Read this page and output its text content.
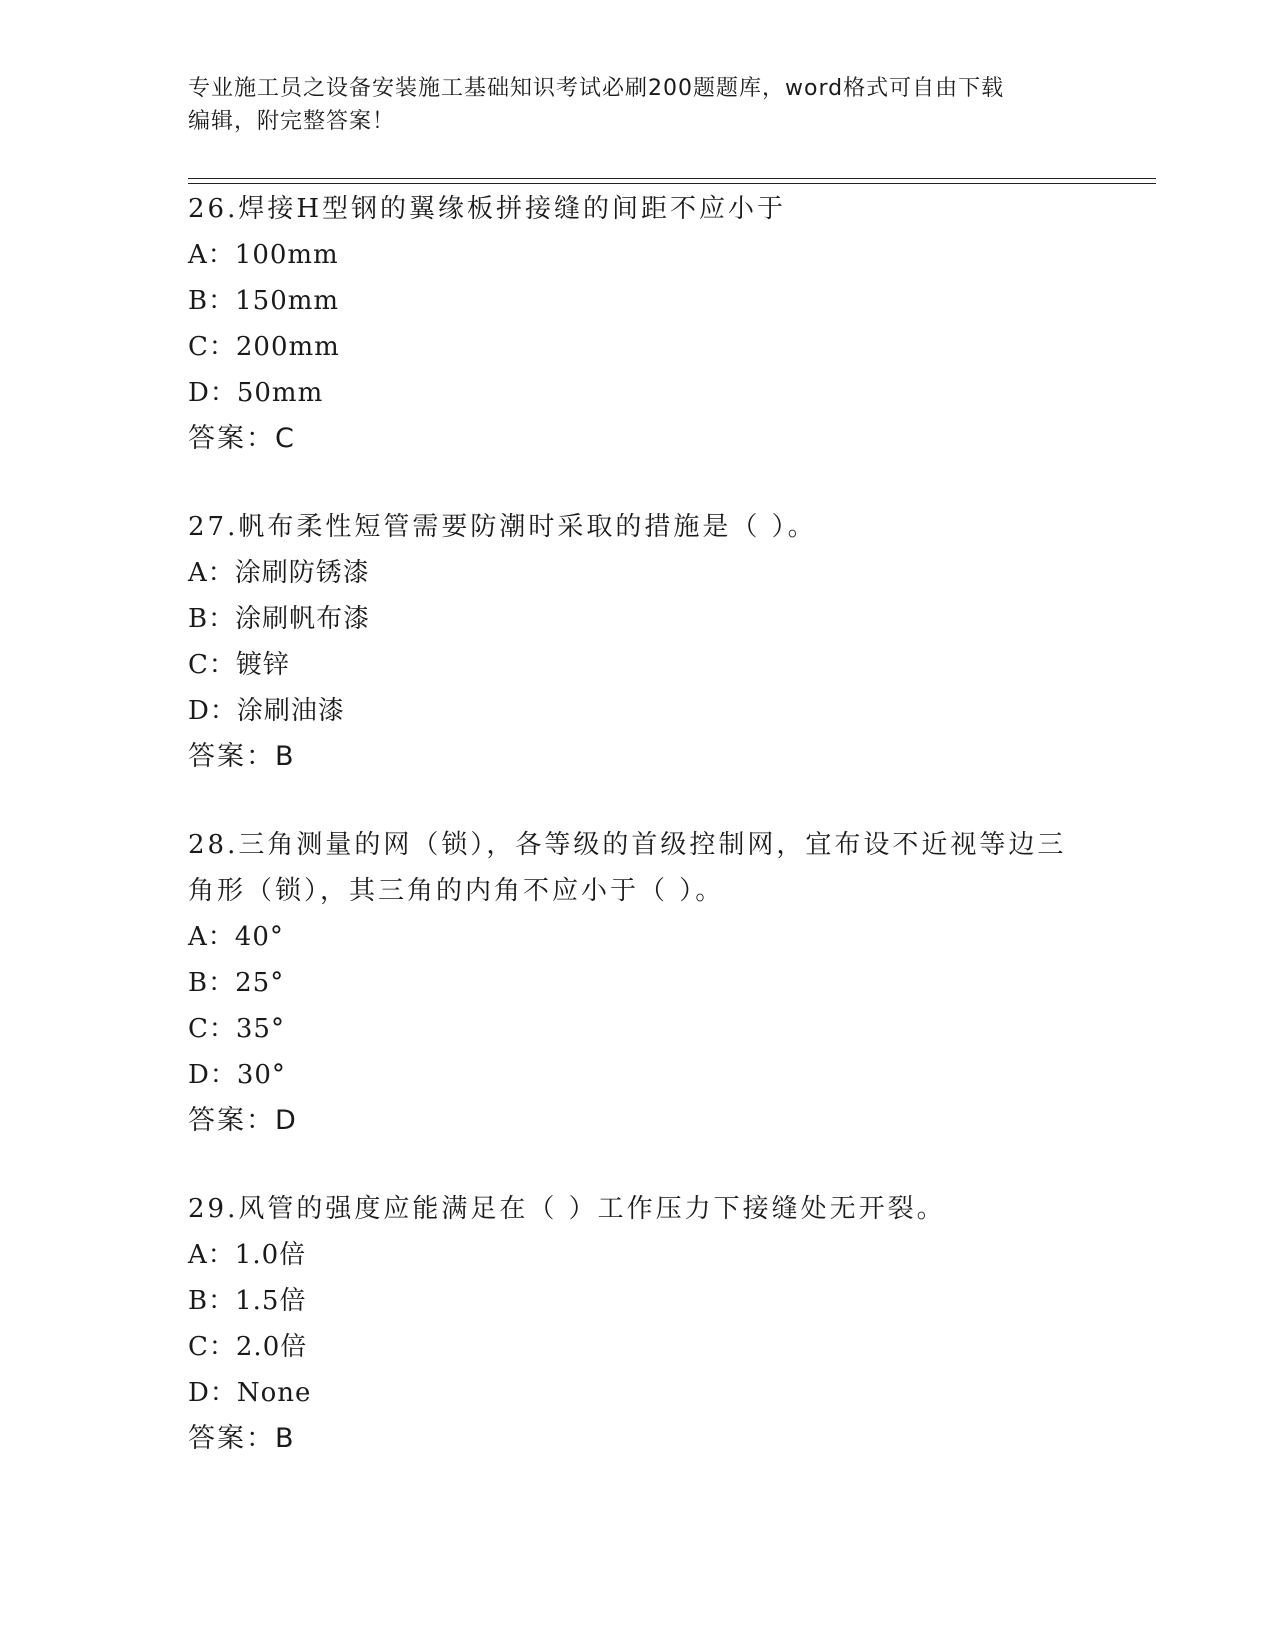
专业施工员之设备安装施工基础知识考试必刷200题题库，word格式可自由下载
编辑，附完整答案！

26.焊接H型钢的翼缘板拼接缝的间距不应小于

A：100mm

B：150mm

C：200mm

D：50mm

答案：C

27.帆布柔性短管需要防潮时采取的措施是（ ）。

A：涂刷防锈漆

B：涂刷帆布漆

C：镀锌

D：涂刷油漆

答案：B

28.三角测量的网（锁），各等级的首级控制网，宜布设不近视等边三

角形（锁），其三角的内角不应小于（ ）。

A：40°

B：25°

C：35°

D：30°

答案：D

29.风管的强度应能满足在（ ）工作压力下接缝处无开裂。

A：1.0倍

B：1.5倍

C：2.0倍

D：None

答案：B
